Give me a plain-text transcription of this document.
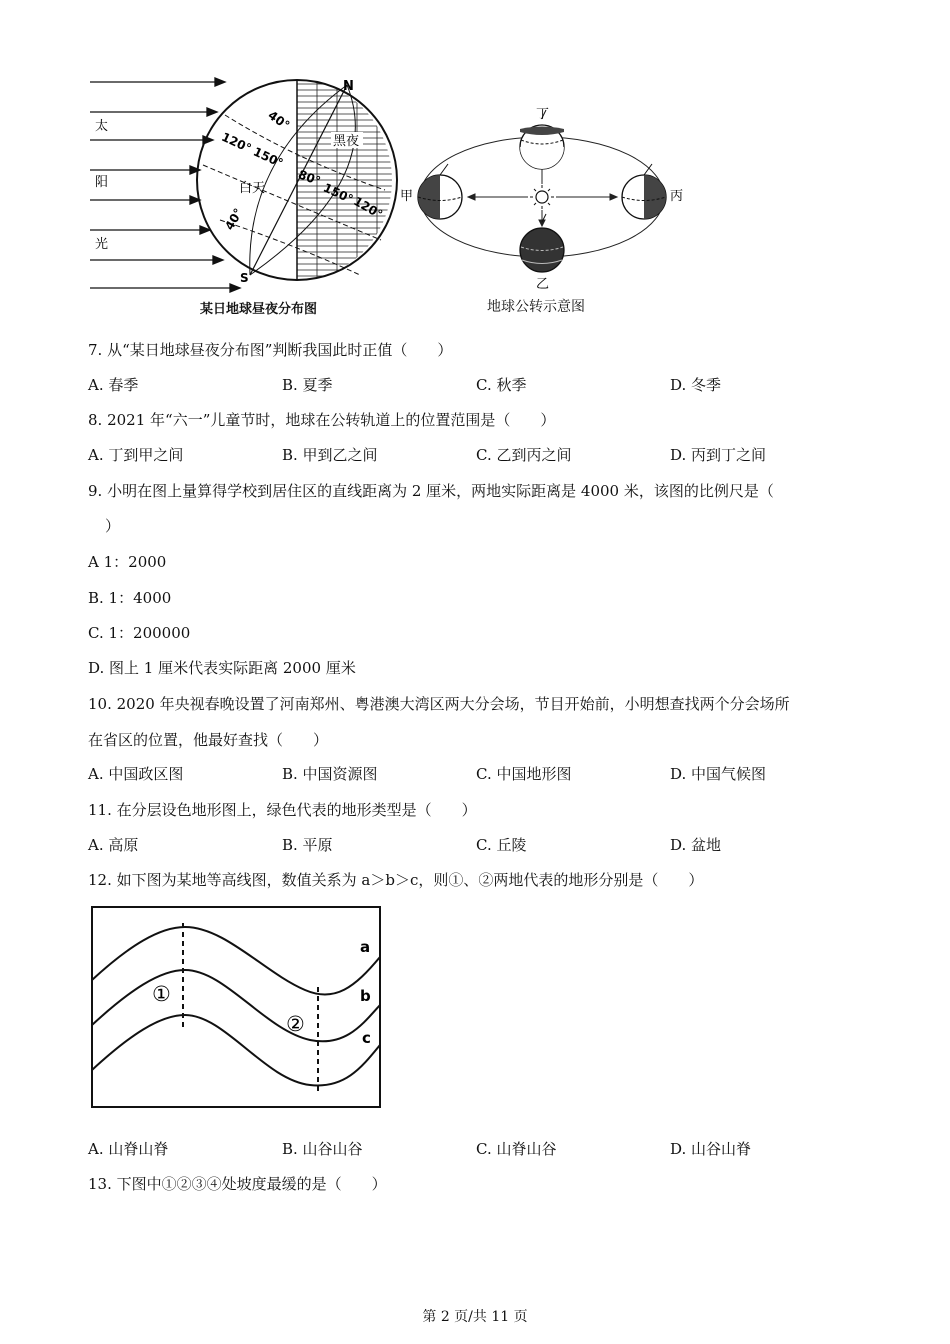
太
阳
光
N
S
白天
黑夜
40°
120°
150°
80°
150°
120°
40°
某日地球昼夜分布图
丁
甲	丙
乙
地球公转示意图
7. 从“某日地球昼夜分布图”判断我国此时正值（　　）
A. 春季	B. 夏季	C. 秋季	D. 冬季
8. 2021 年“六一”儿童节时，地球在公转轨道上的位置范围是（　　）
A. 丁到甲之间	B. 甲到乙之间	C. 乙到丙之间	D. 丙到丁之间
9. 小明在图上量算得学校到居住区的直线距离为 2 厘米，两地实际距离是 4000 米，该图的比例尺是（
　）
A 1：2000
B. 1：4000
C. 1：200000
D. 图上 1 厘米代表实际距离 2000 厘米
10. 2020 年央视春晚设置了河南郑州、粤港澳大湾区两大分会场，节目开始前，小明想查找两个分会场所
在省区的位置，他最好查找（　　）
A. 中国政区图	B. 中国资源图	C. 中国地形图	D. 中国气候图
11. 在分层设色地形图上，绿色代表的地形类型是（　　）
A. 高原	B. 平原	C. 丘陵	D. 盆地
12. 如下图为某地等高线图，数值关系为 a＞b＞c，则①、②两地代表的地形分别是（　　）
a
b
c
①
②
A. 山脊山脊	B. 山谷山谷	C. 山脊山谷	D. 山谷山脊
13. 下图中①②③④处坡度最缓的是（　　）
第 2 页/共 11 页
